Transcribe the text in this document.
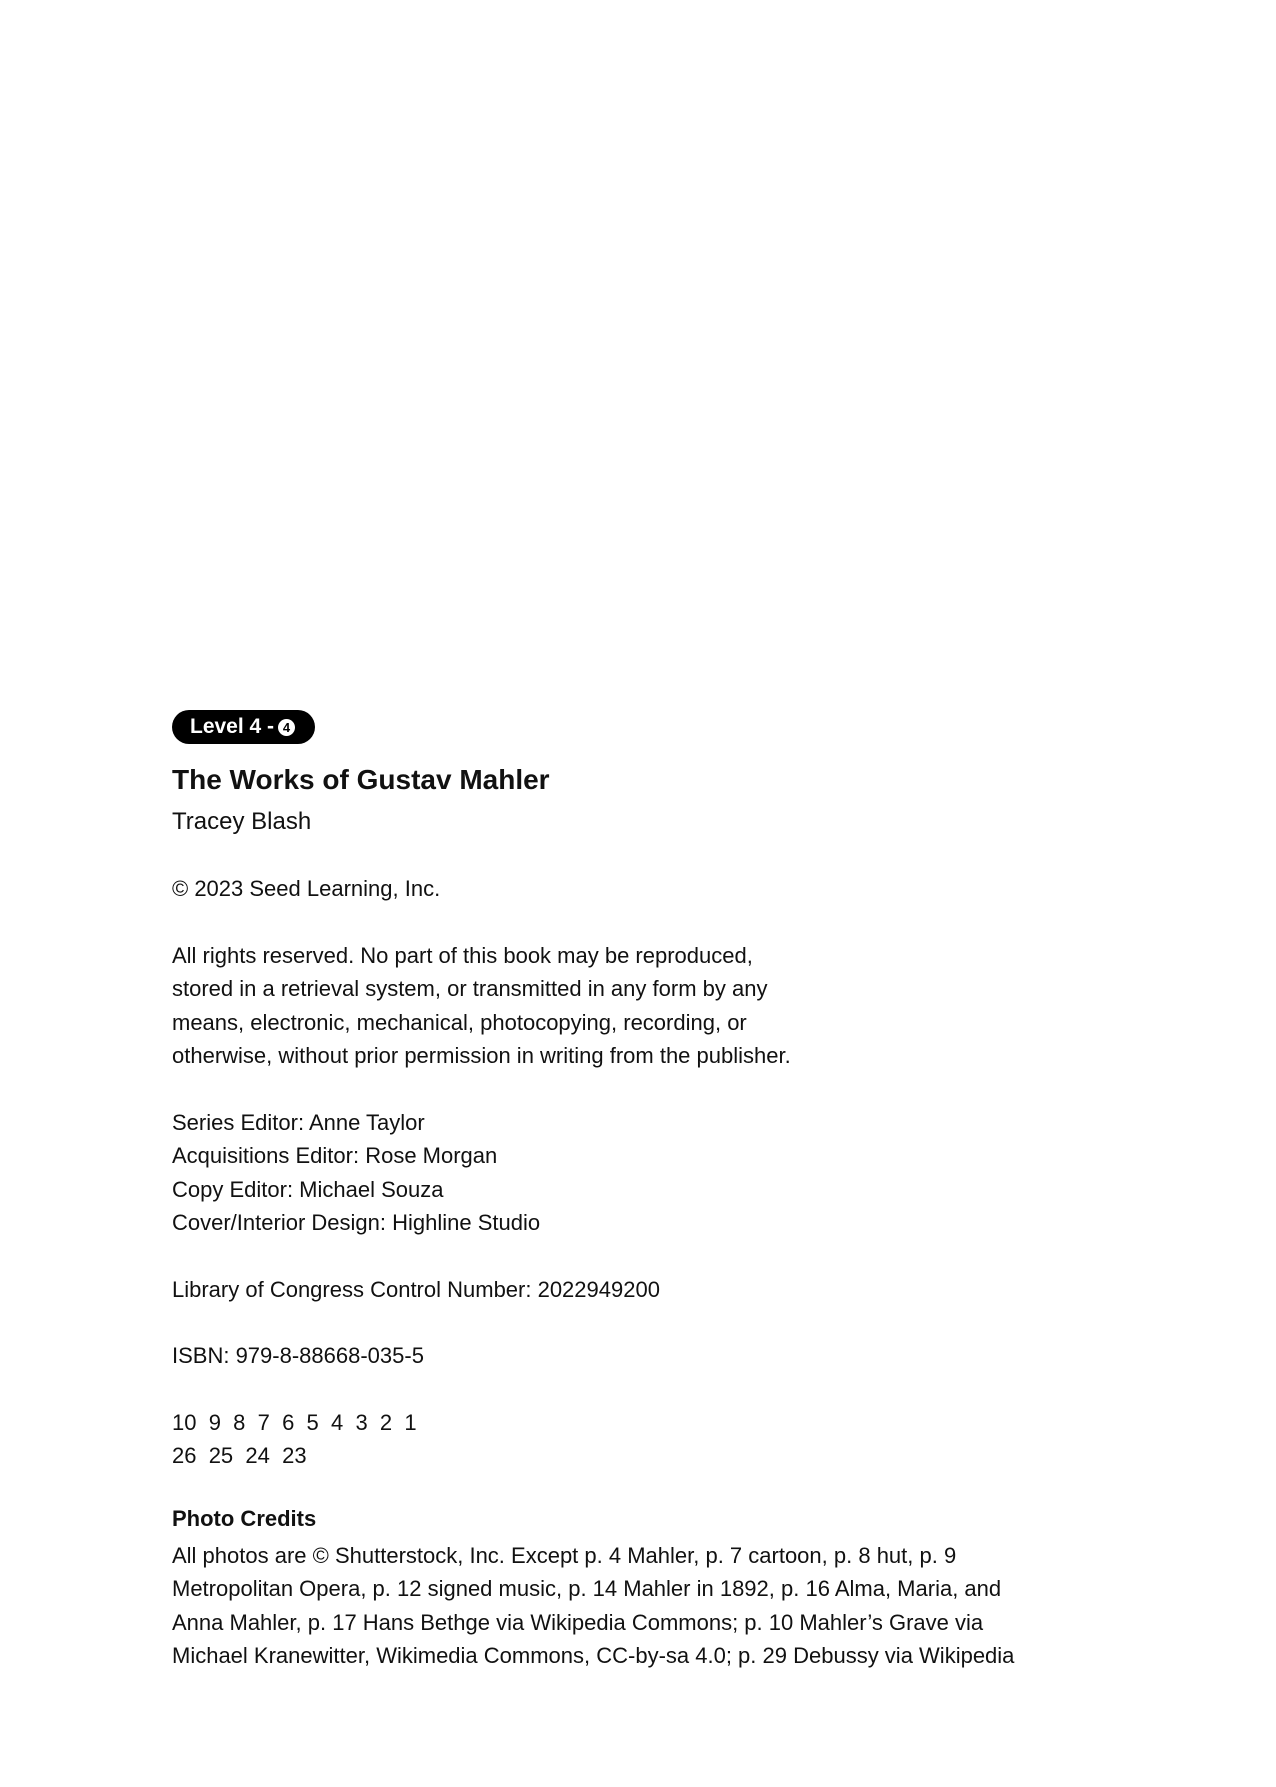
Level 4 - 4
The Works of Gustav Mahler

Tracey Blash

© 2023 Seed Learning, Inc.

All rights reserved. No part of this book may be reproduced,
stored in a retrieval system, or transmitted in any form by any
means, electronic, mechanical, photocopying, recording, or
otherwise, without prior permission in writing from the publisher.

Series Editor: Anne Taylor
Acquisitions Editor: Rose Morgan
Copy Editor: Michael Souza
Cover/Interior Design: Highline Studio

Library of Congress Control Number: 2022949200

ISBN: 979-8-88668-035-5

10  9  8  7  6  5  4  3  2  1
26  25  24  23

Photo Credits

All photos are © Shutterstock, Inc. Except p. 4 Mahler, p. 7 cartoon, p. 8 hut, p. 9
Metropolitan Opera, p. 12 signed music, p. 14 Mahler in 1892, p. 16 Alma, Maria, and
Anna Mahler, p. 17 Hans Bethge via Wikipedia Commons; p. 10 Mahler’s Grave via
Michael Kranewitter, Wikimedia Commons, CC-by-sa 4.0; p. 29 Debussy via Wikipedia
